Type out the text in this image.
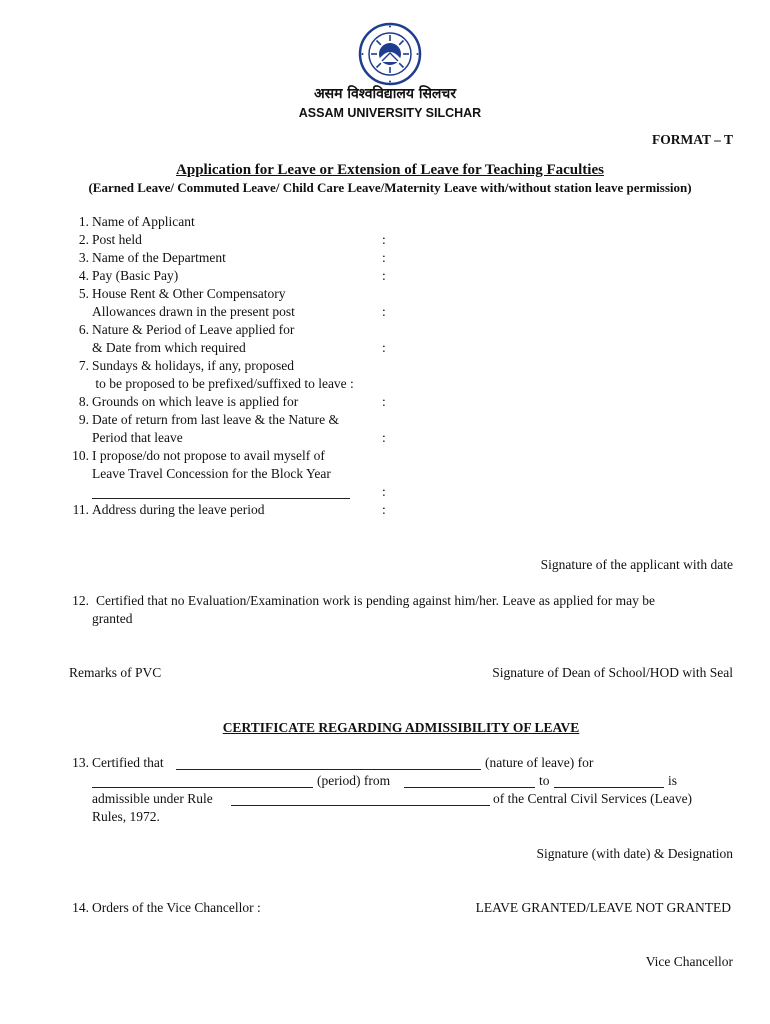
असम विश्वविद्यालय सिलचर
ASSAM UNIVERSITY SILCHAR
FORMAT – T
Application for Leave or Extension of Leave for Teaching Faculties
(Earned Leave/ Commuted Leave/ Child Care Leave/Maternity Leave with/without station leave permission)
1. Name of Applicant
2. Post held	:
3. Name of the Department	:
4. Pay (Basic Pay)	:
5. House Rent & Other Compensatory
Allowances drawn in the present post	:
6. Nature & Period of Leave applied for
& Date from which required	:
7. Sundays & holidays, if any, proposed
to be proposed to be prefixed/suffixed to leave :
8. Grounds on which leave is applied for	:
9. Date of return from last leave & the Nature &
Period that leave	:
10. I propose/do not propose to avail myself of
Leave Travel Concession for the Block Year
:
11. Address during the leave period	:
Signature of the applicant with date
12. Certified that no Evaluation/Examination work is pending against him/her. Leave as applied for may be
granted
Remarks of PVC	Signature of Dean of School/HOD with Seal
CERTIFICATE REGARDING ADMISSIBILITY OF LEAVE
13. Certified that	(nature of leave) for
(period) from	to	is
admissible under Rule	of the Central Civil Services (Leave)
Rules, 1972.
Signature (with date) & Designation
14. Orders of the Vice Chancellor :	LEAVE GRANTED/LEAVE NOT GRANTED
Vice Chancellor
